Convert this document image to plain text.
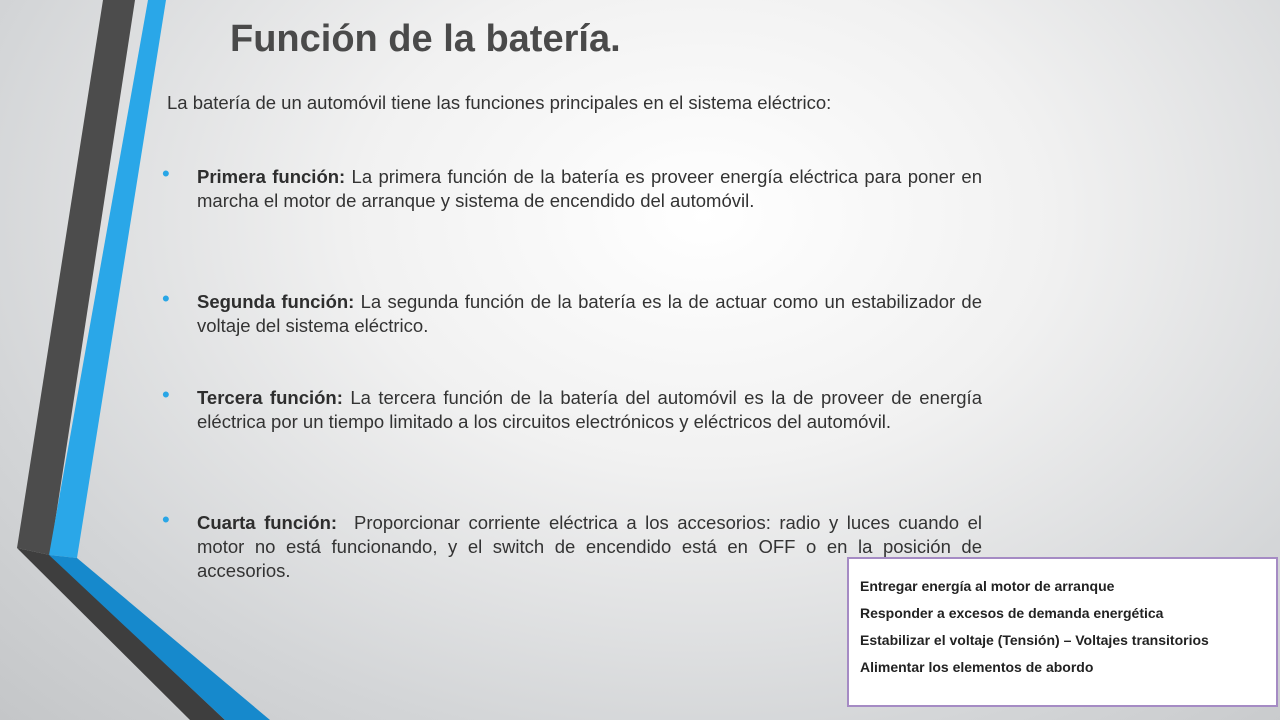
Función de la batería.

La batería de un automóvil tiene las funciones principales en el sistema eléctrico:

• Primera función: La primera función de la batería es proveer energía eléctrica para poner en marcha el motor de arranque y sistema de encendido del automóvil.
• Segunda función: La segunda función de la batería es la de actuar como un estabilizador de voltaje del sistema eléctrico.
• Tercera función: La tercera función de la batería del automóvil es la de proveer de energía eléctrica por un tiempo limitado a los circuitos electrónicos y eléctricos del automóvil.
• Cuarta función:  Proporcionar corriente eléctrica a los accesorios: radio y luces cuando el motor no está funcionando, y el switch de encendido está en OFF o en la posición de accesorios.

Entregar energía al motor de arranque

Responder a excesos de demanda energética

Estabilizar el voltaje (Tensión) – Voltajes transitorios

Alimentar los elementos de abordo
